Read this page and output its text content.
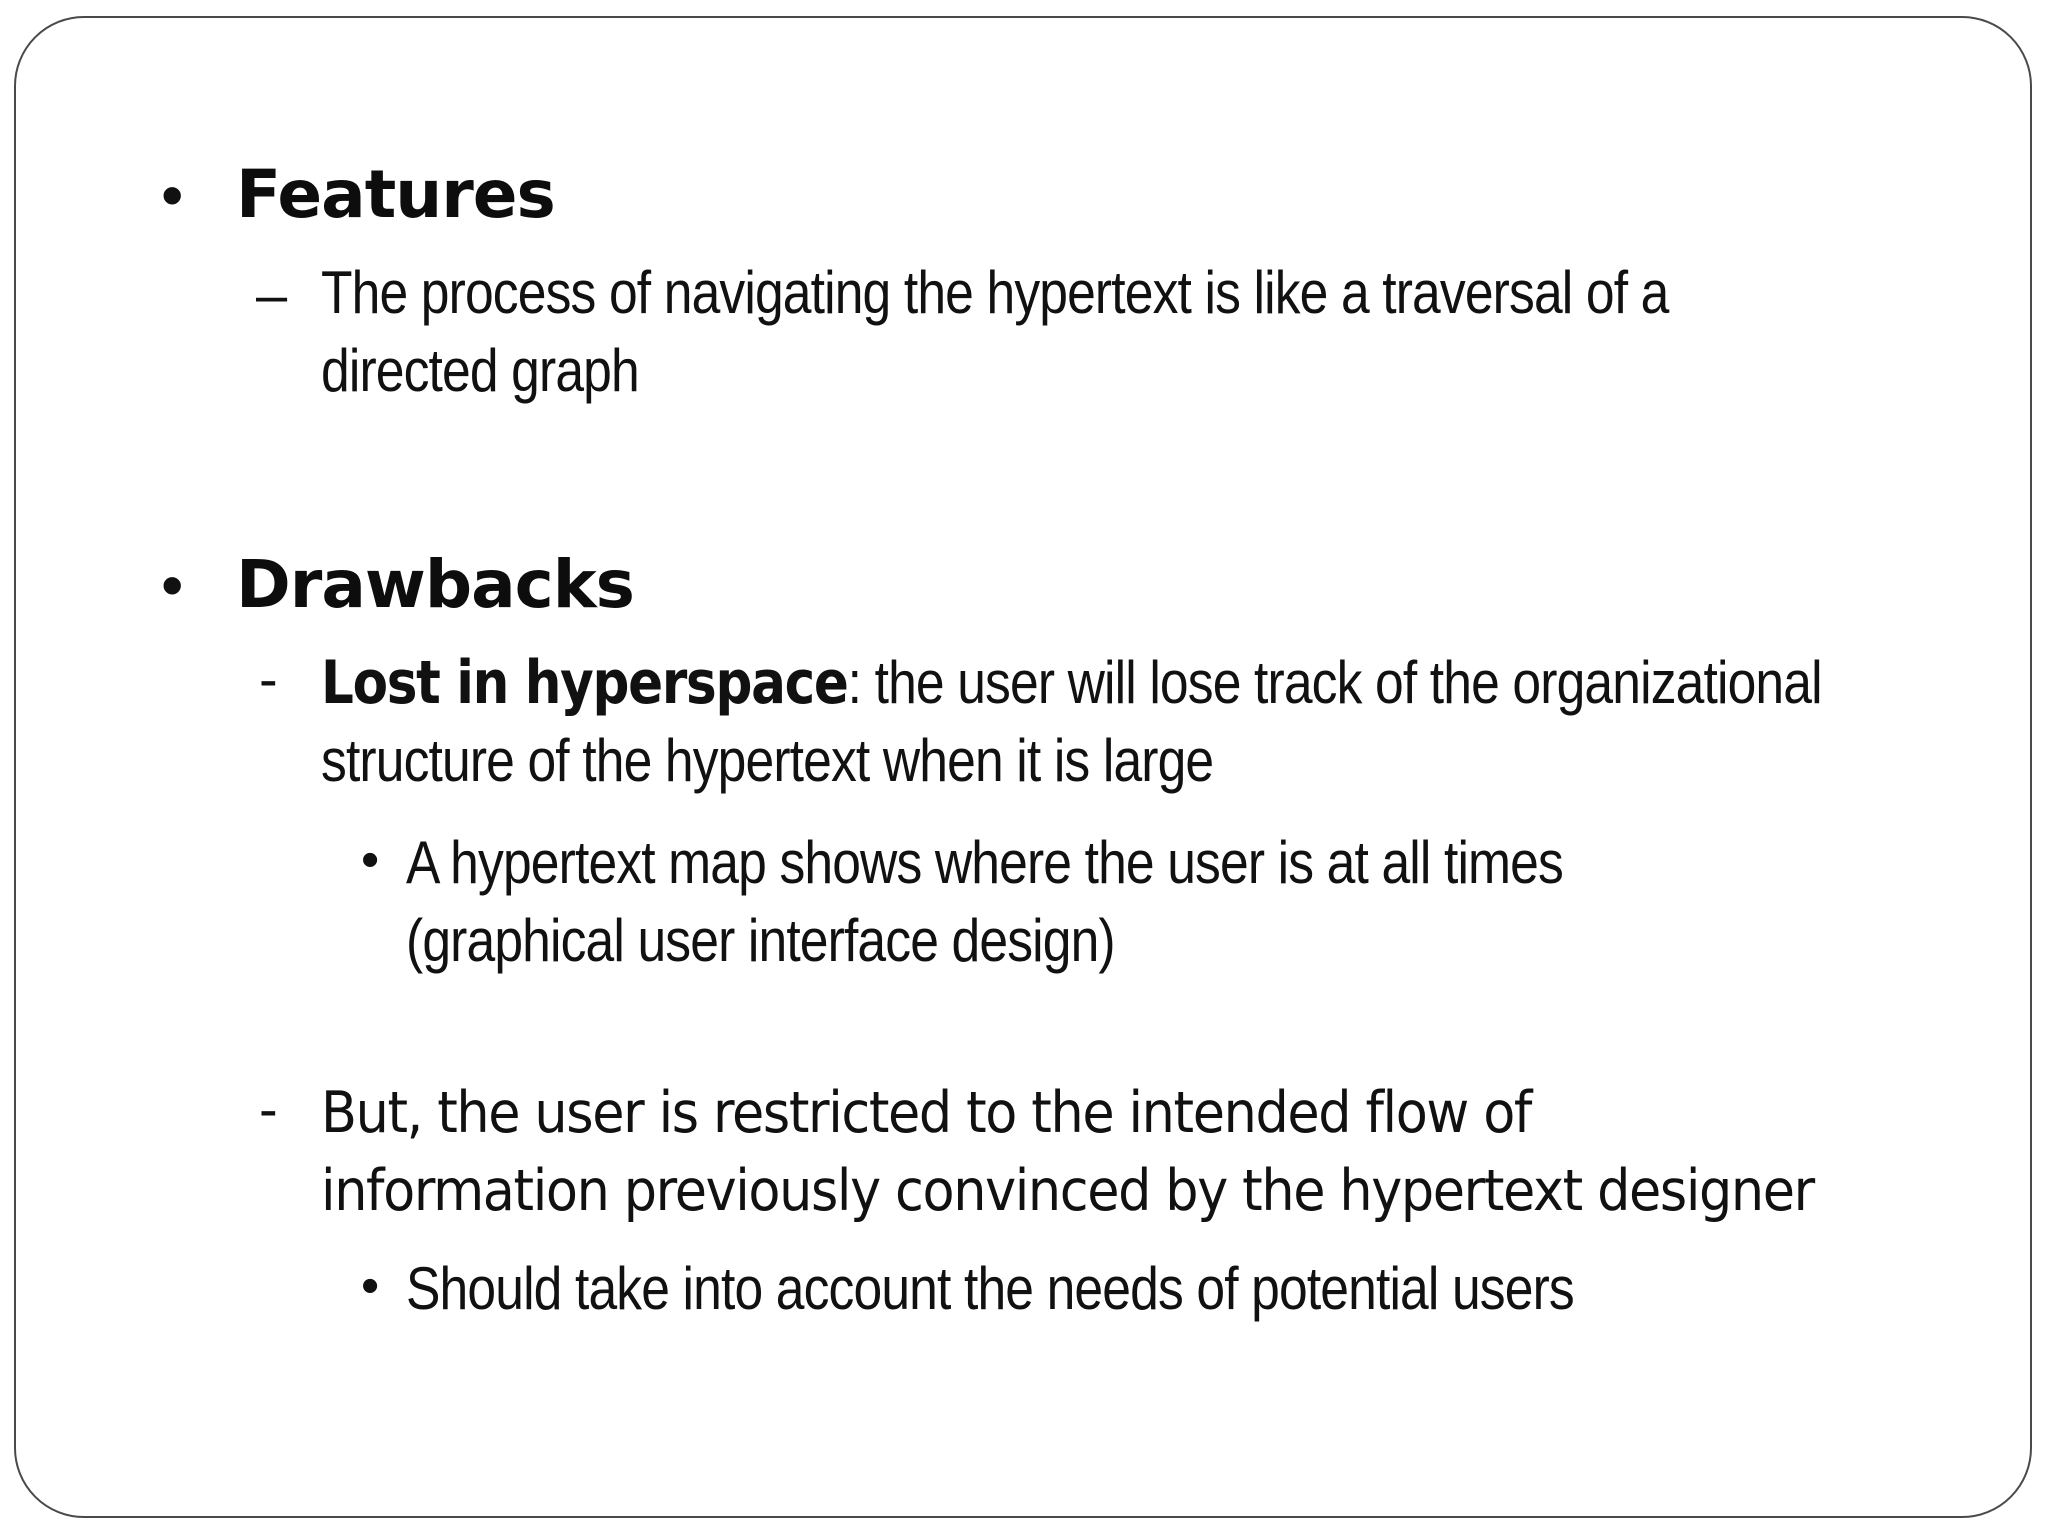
• Features
– The process of navigating the hypertext is like a traversal of a
directed graph
• Drawbacks
- Lost in hyperspace: the user will lose track of the organizational
structure of the hypertext when it is large
• A hypertext map shows where the user is at all times
(graphical user interface design)
- But, the user is restricted to the intended flow of
information previously convinced by the hypertext designer
• Should take into account the needs of potential users
